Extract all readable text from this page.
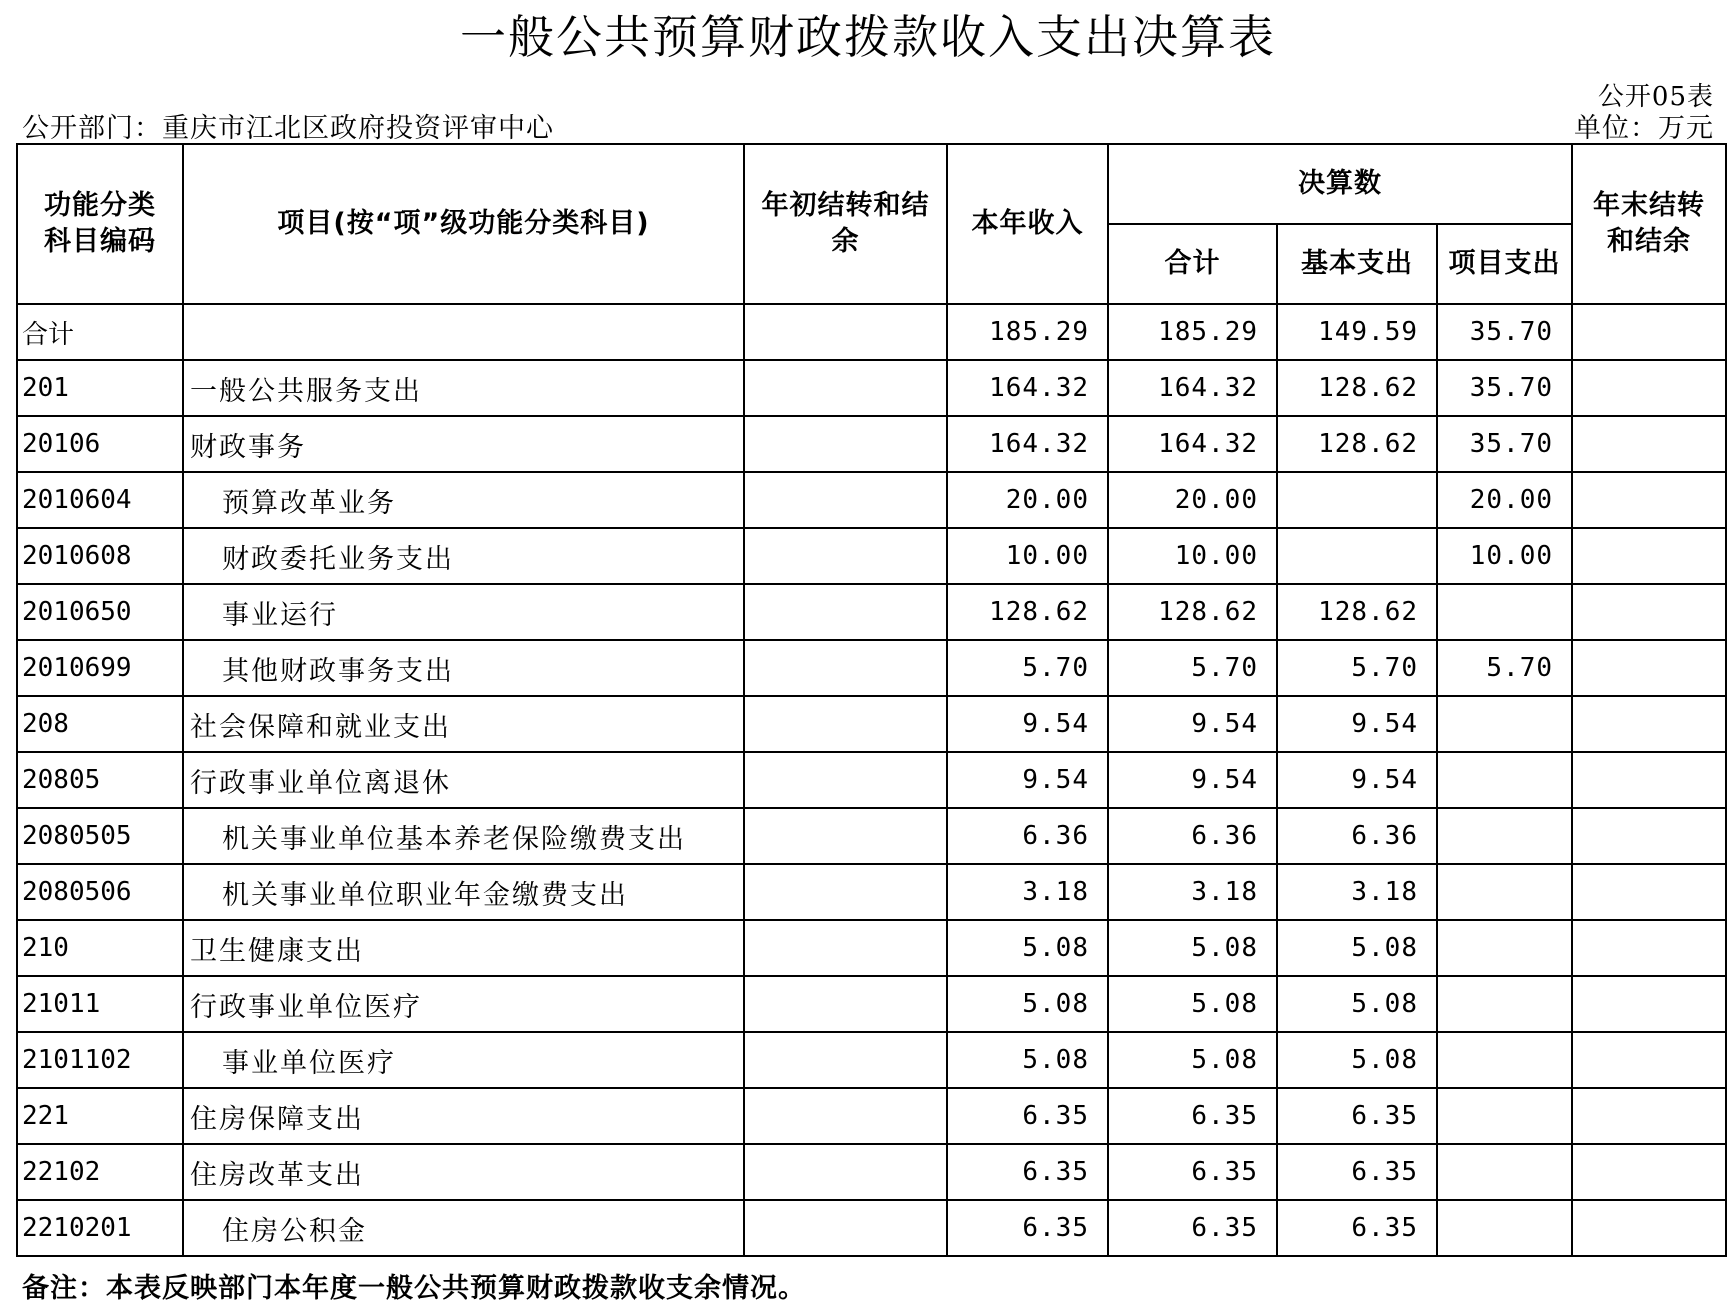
一般公共预算财政拨款收入支出决算表
公开05表
公开部门：重庆市江北区政府投资评审中心	单位：万元
功能分类科目编码	项目(按“项”级功能分类科目)	年初结转和结余	本年收入	决算数			年末结转和结余
				合计	基本支出	项目支出	
合计			185.29	185.29	149.59	35.70	
201	一般公共服务支出		164.32	164.32	128.62	35.70	
20106	财政事务		164.32	164.32	128.62	35.70	
2010604	预算改革业务		20.00	20.00		20.00	
2010608	财政委托业务支出		10.00	10.00		10.00	
2010650	事业运行		128.62	128.62	128.62		
2010699	其他财政事务支出		5.70	5.70	5.70	5.70	
208	社会保障和就业支出		9.54	9.54	9.54		
20805	行政事业单位离退休		9.54	9.54	9.54		
2080505	机关事业单位基本养老保险缴费支出		6.36	6.36	6.36		
2080506	机关事业单位职业年金缴费支出		3.18	3.18	3.18		
210	卫生健康支出		5.08	5.08	5.08		
21011	行政事业单位医疗		5.08	5.08	5.08		
2101102	事业单位医疗		5.08	5.08	5.08		
221	住房保障支出		6.35	6.35	6.35		
22102	住房改革支出		6.35	6.35	6.35		
2210201	住房公积金		6.35	6.35	6.35		
备注：本表反映部门本年度一般公共预算财政拨款收支余情况。
